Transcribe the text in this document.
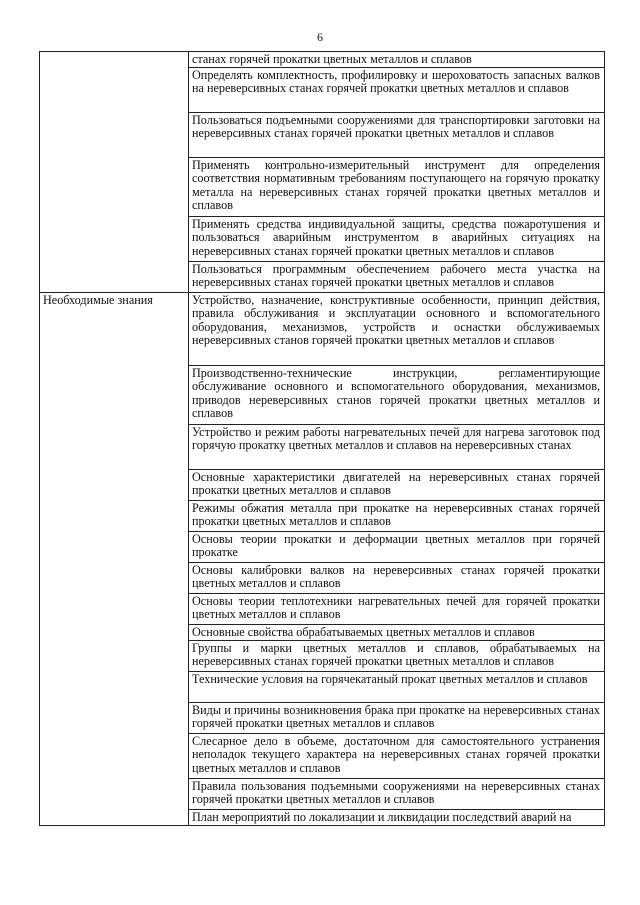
6
	станах горячей прокатки цветных металлов и сплавов
	Определять комплектность, профилировку и шероховатость запасных валков на нереверсивных станах горячей прокатки цветных металлов и сплавов
	Пользоваться подъемными сооружениями для транспортировки заготовки на нереверсивных станах горячей прокатки цветных металлов и сплавов
	Применять контрольно-измерительный инструмент для определения соответствия нормативным требованиям поступающего на горячую прокатку металла на нереверсивных станах горячей прокатки цветных металлов и сплавов
	Применять средства индивидуальной защиты, средства пожаротушения и пользоваться аварийным инструментом в аварийных ситуациях на нереверсивных станах горячей прокатки цветных металлов и сплавов
	Пользоваться программным обеспечением рабочего места участка на нереверсивных станах горячей прокатки цветных металлов и сплавов
Необходимые знания	Устройство, назначение, конструктивные особенности, принцип действия, правила обслуживания и эксплуатации основного и вспомогательного оборудования, механизмов, устройств и оснастки обслуживаемых нереверсивных станов горячей прокатки цветных металлов и сплавов
	Производственно-технические инструкции, регламентирующие обслуживание основного и вспомогательного оборудования, механизмов, приводов нереверсивных станов горячей прокатки цветных металлов и сплавов
	Устройство и режим работы нагревательных печей для нагрева заготовок под горячую прокатку цветных металлов и сплавов на нереверсивных станах
	Основные характеристики двигателей на нереверсивных станах горячей прокатки цветных металлов и сплавов
	Режимы обжатия металла при прокатке на нереверсивных станах горячей прокатки цветных металлов и сплавов
	Основы теории прокатки и деформации цветных металлов при горячей прокатке
	Основы калибровки валков на нереверсивных станах горячей прокатки цветных металлов и сплавов
	Основы теории теплотехники нагревательных печей для горячей прокатки цветных металлов и сплавов
	Основные свойства обрабатываемых цветных металлов и сплавов
	Группы и марки цветных металлов и сплавов, обрабатываемых на нереверсивных станах горячей прокатки цветных металлов и сплавов
	Технические условия на горячекатаный прокат цветных металлов и сплавов
	Виды и причины возникновения брака при прокатке на нереверсивных станах горячей прокатки цветных металлов и сплавов
	Слесарное дело в объеме, достаточном для самостоятельного устранения неполадок текущего характера на нереверсивных станах горячей прокатки цветных металлов и сплавов
	Правила пользования подъемными сооружениями на нереверсивных станах горячей прокатки цветных металлов и сплавов
	План мероприятий по локализации и ликвидации последствий аварий на
